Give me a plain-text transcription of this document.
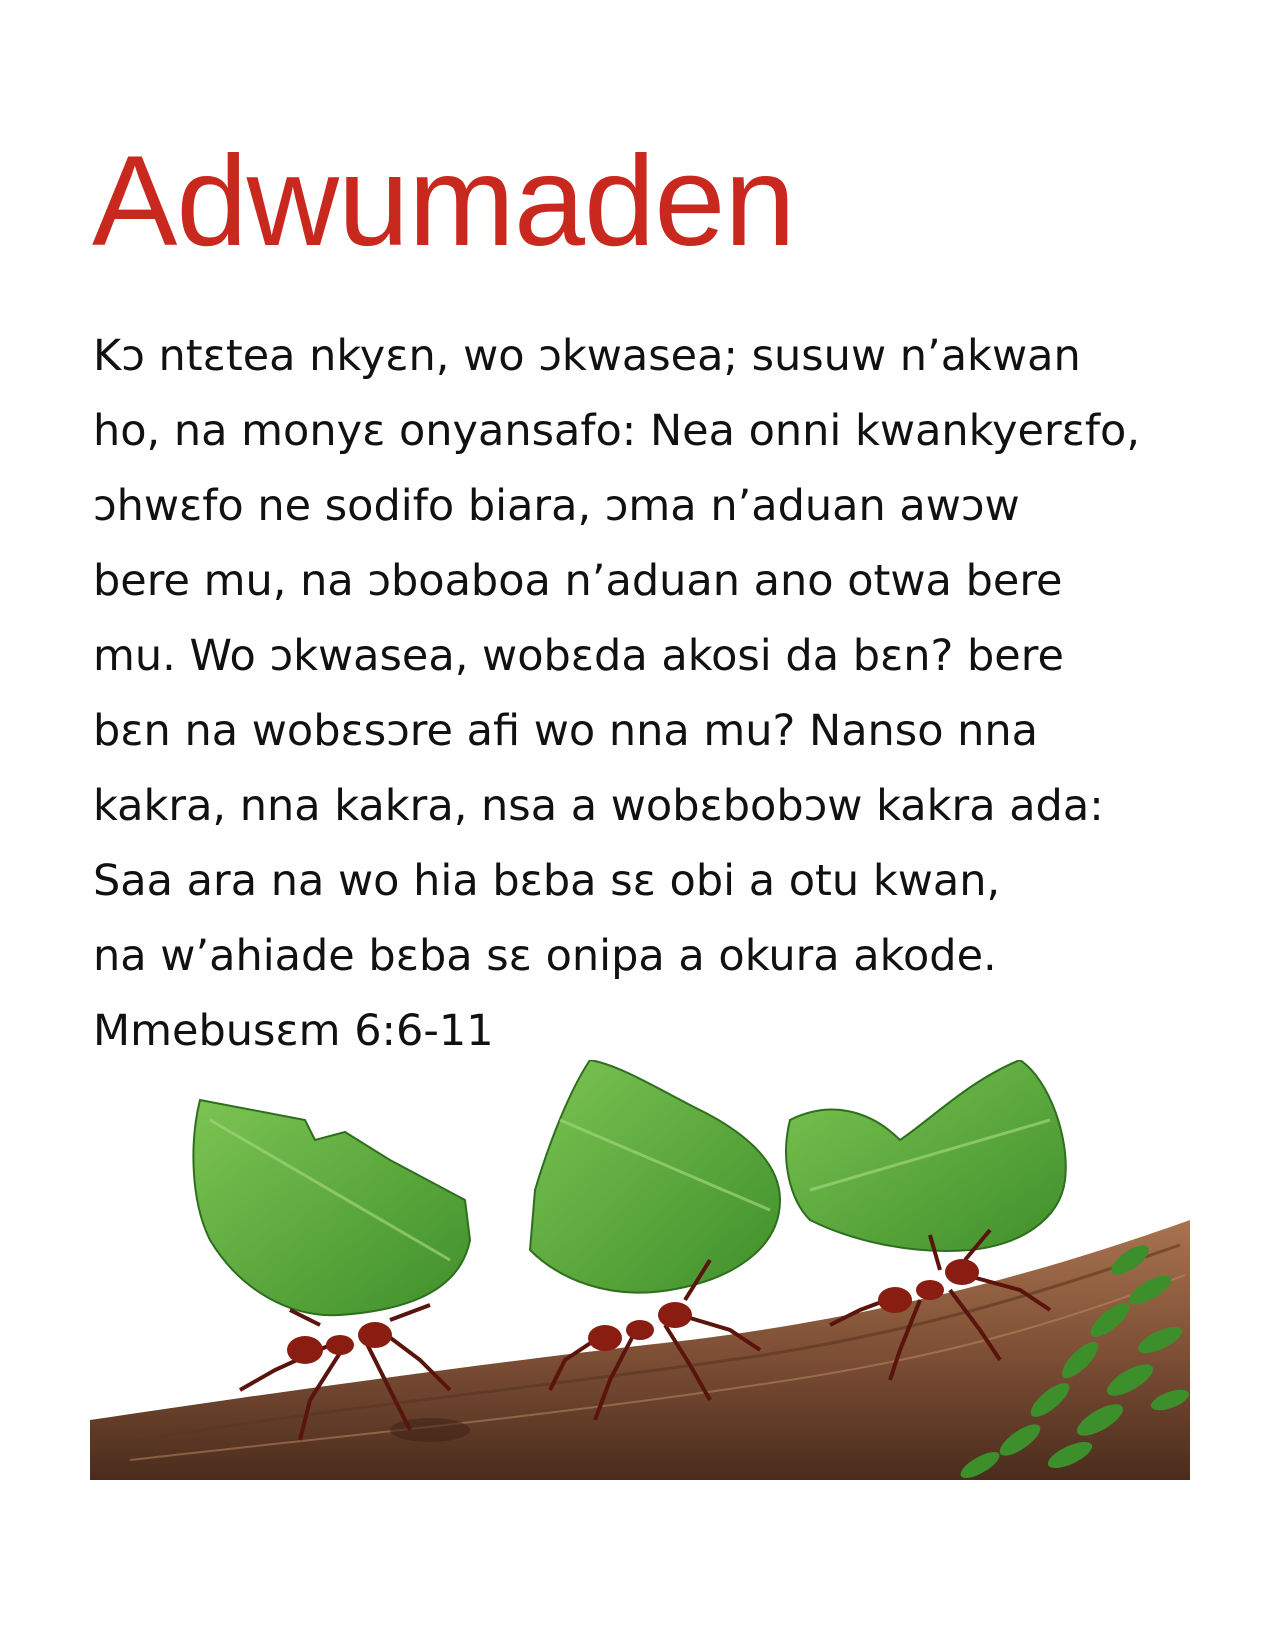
Adwumaden
Kɔ ntɛtea nkyɛn, wo ɔkwasea; susuw n’akwan
ho, na monyɛ onyansafo: Nea onni kwankyerɛfo,
ɔhwɛfo ne sodifo biara, ɔma n’aduan awɔw
bere mu, na ɔboaboa n’aduan ano otwa bere
mu. Wo ɔkwasea, wobɛda akosi da bɛn? bere
bɛn na wobɛsɔre afi wo nna mu? Nanso nna
kakra, nna kakra, nsa a wobɛbobɔw kakra ada:
Saa ara na wo hia bɛba sɛ obi a otu kwan,
na w’ahiade bɛba sɛ onipa a okura akode.
Mmebusɛm 6:6-11
